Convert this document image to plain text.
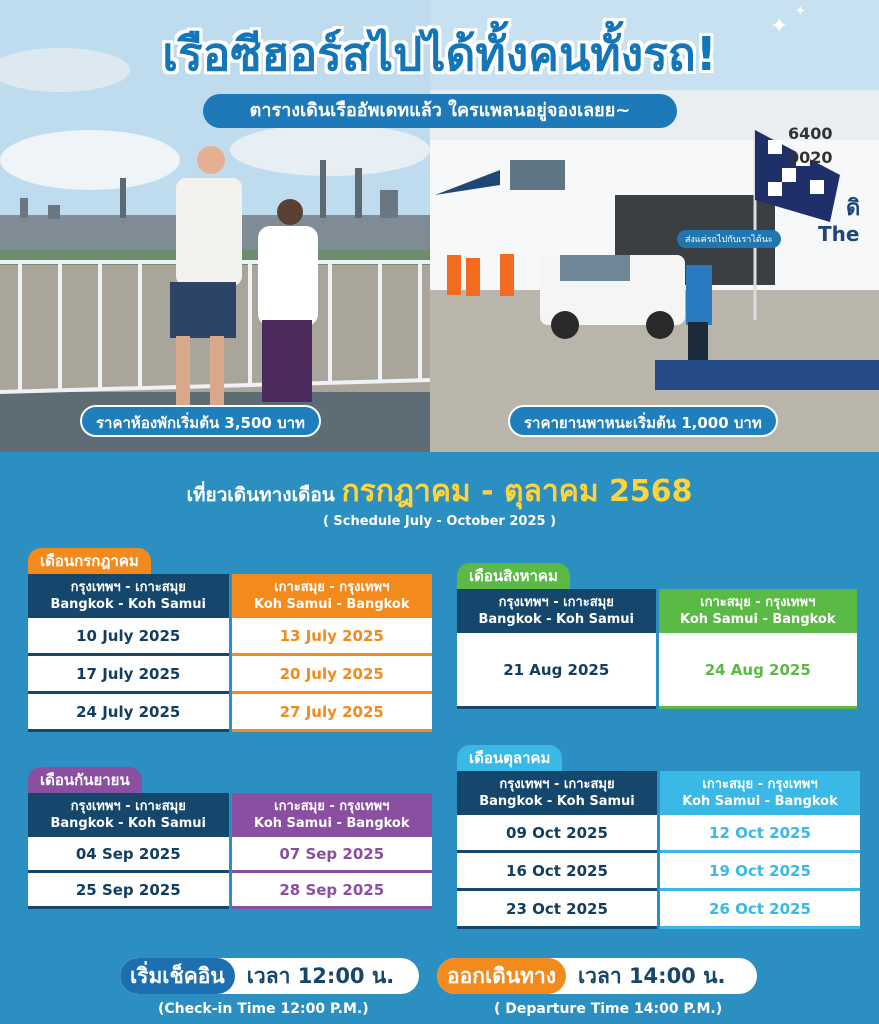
✦
✦
เรือซีฮอร์สไปได้ทั้งคนทั้งรถ!
ตารางเดินเรืออัพเดทแล้ว ใครแพลนอยู่จองเลยย~
ส่งแค่รถไปกับเราได้นะ
6400
0020
ดิ
The
ราคาห้องพักเริ่มต้น 3,500 บาท	ราคายานพาหนะเริ่มต้น 1,000 บาท
เที่ยวเดินทางเดือน กรกฎาคม - ตุลาคม 2568
( Schedule July - October 2025 )
เดือนกรกฎาคม
กรุงเทพฯ - เกาะสมุย
Bangkok - Koh Samui
เกาะสมุย - กรุงเทพฯ
Koh Samui - Bangkok
10 July 2025	13 July 2025
17 July 2025	20 July 2025
24 July 2025	27 July 2025
เดือนสิงหาคม
กรุงเทพฯ - เกาะสมุย
Bangkok - Koh Samui
เกาะสมุย - กรุงเทพฯ
Koh Samui - Bangkok
21 Aug 2025	24 Aug 2025
เดือนกันยายน
กรุงเทพฯ - เกาะสมุย
Bangkok - Koh Samui
เกาะสมุย - กรุงเทพฯ
Koh Samui - Bangkok
04 Sep 2025	07 Sep 2025
25 Sep 2025	28 Sep 2025
เดือนตุลาคม
กรุงเทพฯ - เกาะสมุย
Bangkok - Koh Samui
เกาะสมุย - กรุงเทพฯ
Koh Samui - Bangkok
09 Oct 2025	12 Oct 2025
16 Oct 2025	19 Oct 2025
23 Oct 2025	26 Oct 2025
เริ่มเช็คอิน	เวลา 12:00 น.
(Check-in Time 12:00 P.M.)
ออกเดินทาง	เวลา 14:00 น.
( Departure Time 14:00 P.M.)
